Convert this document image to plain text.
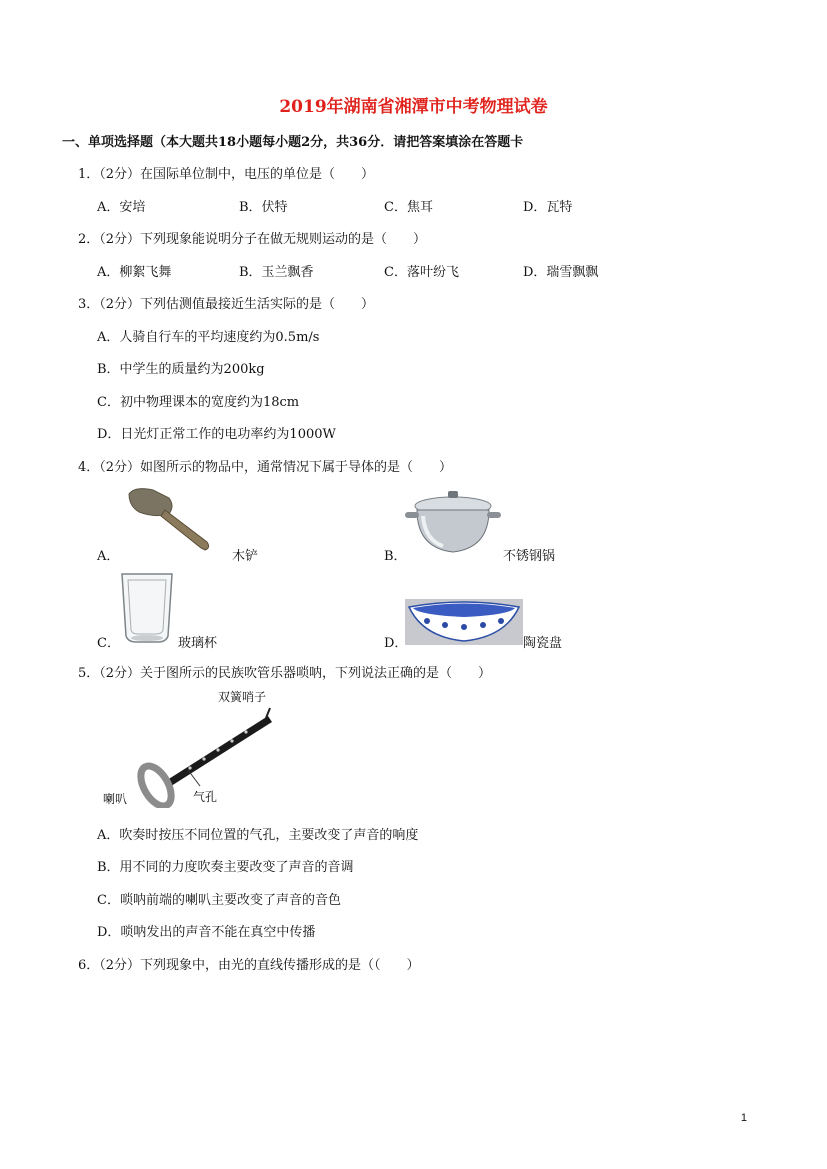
2019年湖南省湘潭市中考物理试卷
一、单项选择题（本大题共18小题每小题2分，共36分．请把答案填涂在答题卡
1．（2分）在国际单位制中，电压的单位是（　　）
A．安培	B．伏特	C．焦耳	D．瓦特
2．（2分）下列现象能说明分子在做无规则运动的是（　　）
A．柳絮飞舞	B．玉兰飘香	C．落叶纷飞	D．瑞雪飘飘
3．（2分）下列估测值最接近生活实际的是（　　）
A．人骑自行车的平均速度约为0.5m/s
B．中学生的质量约为200kg
C．初中物理课本的宽度约为18cm
D．日光灯正常工作的电功率约为1000W
4．（2分）如图所示的物品中，通常情况下属于导体的是（　　）
A．	木铲	B．	不锈钢锅
C．	玻璃杯	D．	陶瓷盘
5．（2分）关于图所示的民族吹管乐器唢呐，下列说法正确的是（　　）
双簧哨子
喇叭	气孔
A．吹奏时按压不同位置的气孔，主要改变了声音的响度
B．用不同的力度吹奏主要改变了声音的音调
C．唢呐前端的喇叭主要改变了声音的音色
D．唢呐发出的声音不能在真空中传播
6．（2分）下列现象中，由光的直线传播形成的是（（　　）
1
